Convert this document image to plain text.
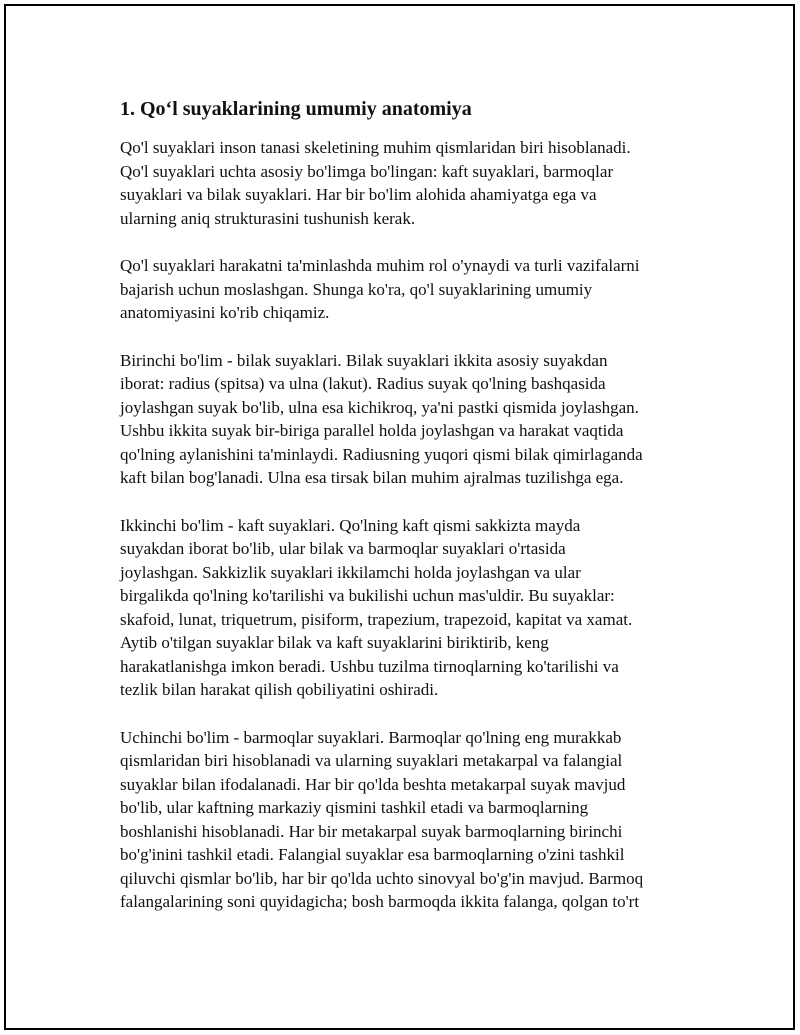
1. Qo‘l suyaklarining umumiy anatomiya

Qo'l suyaklari inson tanasi skeletining muhim qismlaridan biri hisoblanadi.
Qo'l suyaklari uchta asosiy bo'limga bo'lingan: kaft suyaklari, barmoqlar
suyaklari va bilak suyaklari. Har bir bo'lim alohida ahamiyatga ega va
ularning aniq strukturasini tushunish kerak.

Qo'l suyaklari harakatni ta'minlashda muhim rol o'ynaydi va turli vazifalarni
bajarish uchun moslashgan. Shunga ko'ra, qo'l suyaklarining umumiy
anatomiyasini ko'rib chiqamiz.

Birinchi bo'lim - bilak suyaklari. Bilak suyaklari ikkita asosiy suyakdan
iborat: radius (spitsa) va ulna (lakut). Radius suyak qo'lning bashqasida
joylashgan suyak bo'lib, ulna esa kichikroq, ya'ni pastki qismida joylashgan.
Ushbu ikkita suyak bir-biriga parallel holda joylashgan va harakat vaqtida
qo'lning aylanishini ta'minlaydi. Radiusning yuqori qismi bilak qimirlaganda
kaft bilan bog'lanadi. Ulna esa tirsak bilan muhim ajralmas tuzilishga ega.

Ikkinchi bo'lim - kaft suyaklari. Qo'lning kaft qismi sakkizta mayda
suyakdan iborat bo'lib, ular bilak va barmoqlar suyaklari o'rtasida
joylashgan. Sakkizlik suyaklari ikkilamchi holda joylashgan va ular
birgalikda qo'lning ko'tarilishi va bukilishi uchun mas'uldir. Bu suyaklar:
skafoid, lunat, triquetrum, pisiform, trapezium, trapezoid, kapitat va xamat.
Aytib o'tilgan suyaklar bilak va kaft suyaklarini biriktirib, keng
harakatlanishga imkon beradi. Ushbu tuzilma tirnoqlarning ko'tarilishi va
tezlik bilan harakat qilish qobiliyatini oshiradi.

Uchinchi bo'lim - barmoqlar suyaklari. Barmoqlar qo'lning eng murakkab
qismlaridan biri hisoblanadi va ularning suyaklari metakarpal va falangial
suyaklar bilan ifodalanadi. Har bir qo'lda beshta metakarpal suyak mavjud
bo'lib, ular kaftning markaziy qismini tashkil etadi va barmoqlarning
boshlanishi hisoblanadi. Har bir metakarpal suyak barmoqlarning birinchi
bo'g'inini tashkil etadi. Falangial suyaklar esa barmoqlarning o'zini tashkil
qiluvchi qismlar bo'lib, har bir qo'lda uchto sinovyal bo'g'in mavjud. Barmoq
falangalarining soni quyidagicha; bosh barmoqda ikkita falanga, qolgan to'rt
